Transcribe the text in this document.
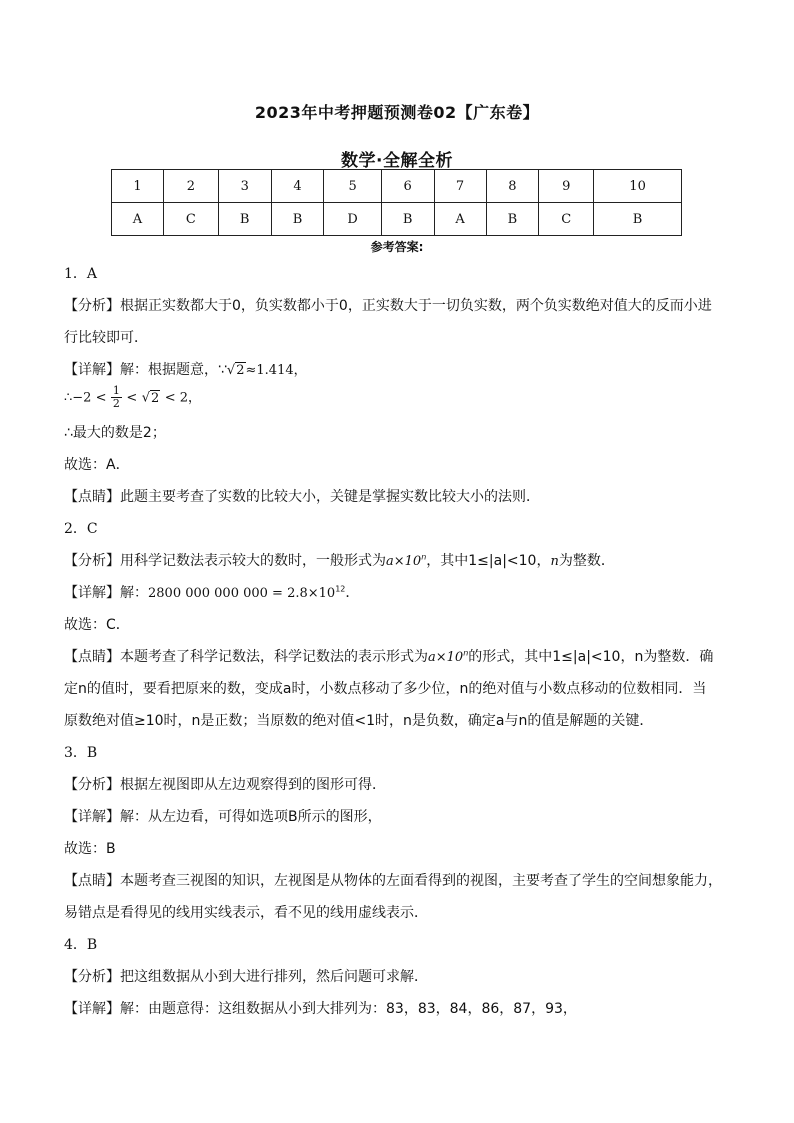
2023年中考押题预测卷02【广东卷】
数学·全解全析
1	2	3	4	5	6	7	8	9	10
A	C	B	B	D	B	A	B	C	B
参考答案:
1．A
【分析】根据正实数都大于0，负实数都小于0，正实数大于一切负实数，两个负实数绝对值大的反而小进
行比较即可．
【详解】解：根据题意，∵√2≈1.414，
∴−2 < $\frac{1}{2} < √2 < 2$，
∴最大的数是2；
故选：A．
【点睛】此题主要考查了实数的比较大小，关键是掌握实数比较大小的法则．
2．C
【分析】用科学记数法表示较大的数时，一般形式为$a\times 10^n$，其中1≤|a|<10，n为整数．
【详解】解：2800 000 000 $000 = 2.8\times 10^{12}$．
故选：C．
【点睛】本题考查了科学记数法，科学记数法的表示形式为$a\times 10^n$的形式，其中1≤|a|<10，n为整数．确
定n的值时，要看把原来的数，变成a时，小数点移动了多少位，n的绝对值与小数点移动的位数相同．当
原数绝对值≥10时，n是正数；当原数的绝对值<1时，n是负数，确定a与n的值是解题的关键．
3．B
【分析】根据左视图即从左边观察得到的图形可得．
【详解】解：从左边看，可得如选项B所示的图形，
故选：B
【点睛】本题考查三视图的知识，左视图是从物体的左面看得到的视图，主要考查了学生的空间想象能力，
易错点是看得见的线用实线表示，看不见的线用虚线表示．
4．B
【分析】把这组数据从小到大进行排列，然后问题可求解．
【详解】解：由题意得：这组数据从小到大排列为：83，83，84，86，87，93，
